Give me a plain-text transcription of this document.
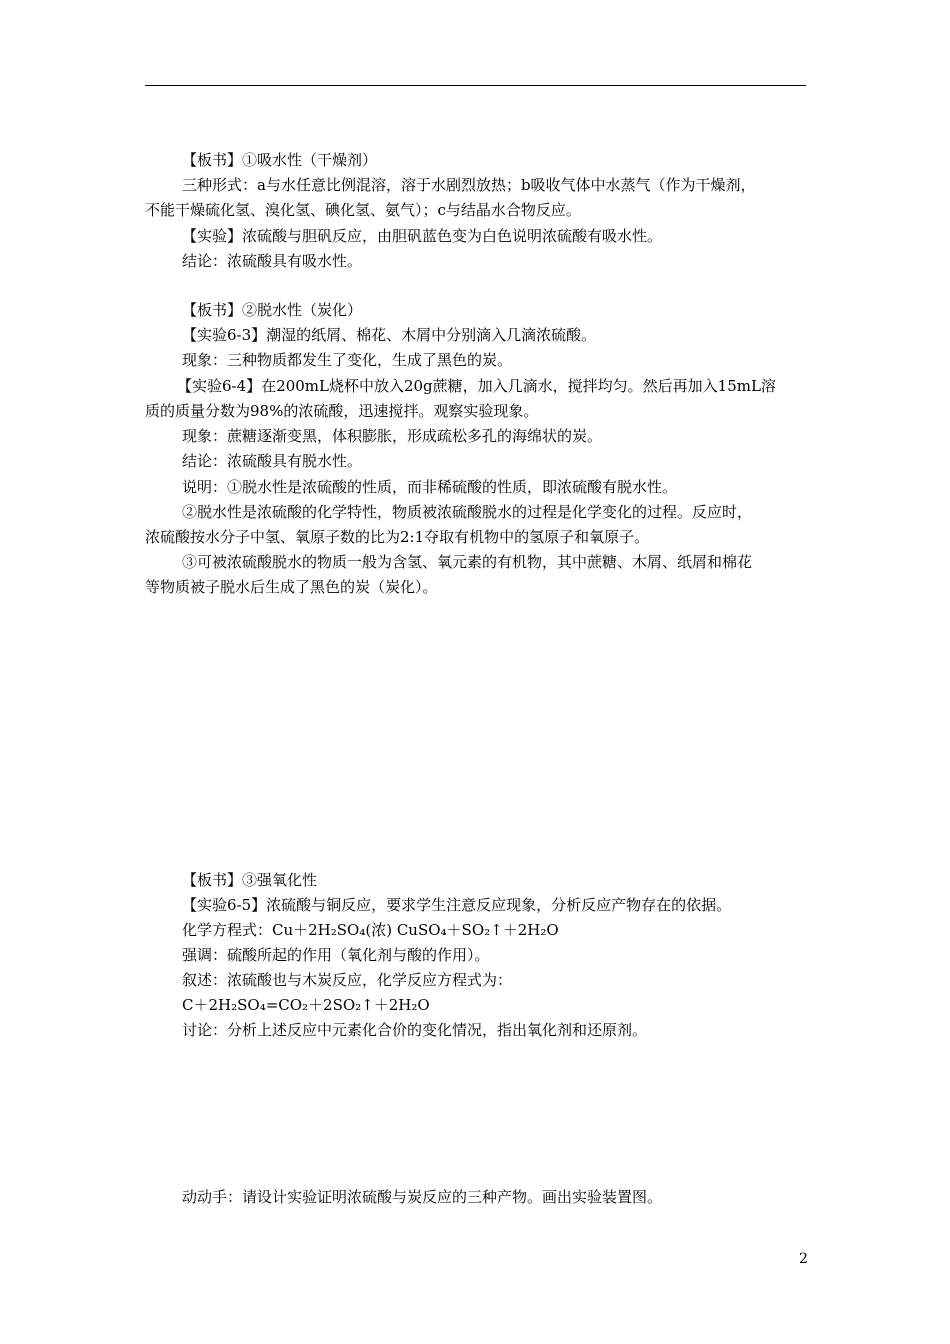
【板书】①吸水性（干燥剂）
三种形式：a与水任意比例混溶，溶于水剧烈放热；b吸收气体中水蒸气（作为干燥剂，
不能干燥硫化氢、溴化氢、碘化氢、氨气）；c与结晶水合物反应。
【实验】浓硫酸与胆矾反应，由胆矾蓝色变为白色说明浓硫酸有吸水性。
结论：浓硫酸具有吸水性。
【板书】②脱水性（炭化）
【实验6-3】潮湿的纸屑、棉花、木屑中分别滴入几滴浓硫酸。
现象：三种物质都发生了变化，生成了黑色的炭。
【实验6-4】在200mL烧杯中放入20g蔗糖，加入几滴水，搅拌均匀。然后再加入15mL溶
质的质量分数为98%的浓硫酸，迅速搅拌。观察实验现象。
现象：蔗糖逐渐变黑，体积膨胀，形成疏松多孔的海绵状的炭。
结论：浓硫酸具有脱水性。
说明：①脱水性是浓硫酸的性质，而非稀硫酸的性质，即浓硫酸有脱水性。
②脱水性是浓硫酸的化学特性，物质被浓硫酸脱水的过程是化学变化的过程。反应时，
浓硫酸按水分子中氢、氧原子数的比为2:1夺取有机物中的氢原子和氧原子。
③可被浓硫酸脱水的物质一般为含氢、氧元素的有机物，其中蔗糖、木屑、纸屑和棉花
等物质被子脱水后生成了黑色的炭（炭化）。
【板书】③强氧化性
【实验6-5】浓硫酸与铜反应，要求学生注意反应现象，分析反应产物存在的依据。
化学方程式：Cu＋2H₂SO₄(浓) CuSO₄＋SO₂↑＋2H₂O
强调：硫酸所起的作用（氧化剂与酸的作用）。
叙述：浓硫酸也与木炭反应，化学反应方程式为：
C＋2H₂SO₄=CO₂＋2SO₂↑＋2H₂O
讨论：分析上述反应中元素化合价的变化情况，指出氧化剂和还原剂。
动动手：请设计实验证明浓硫酸与炭反应的三种产物。画出实验装置图。
2
